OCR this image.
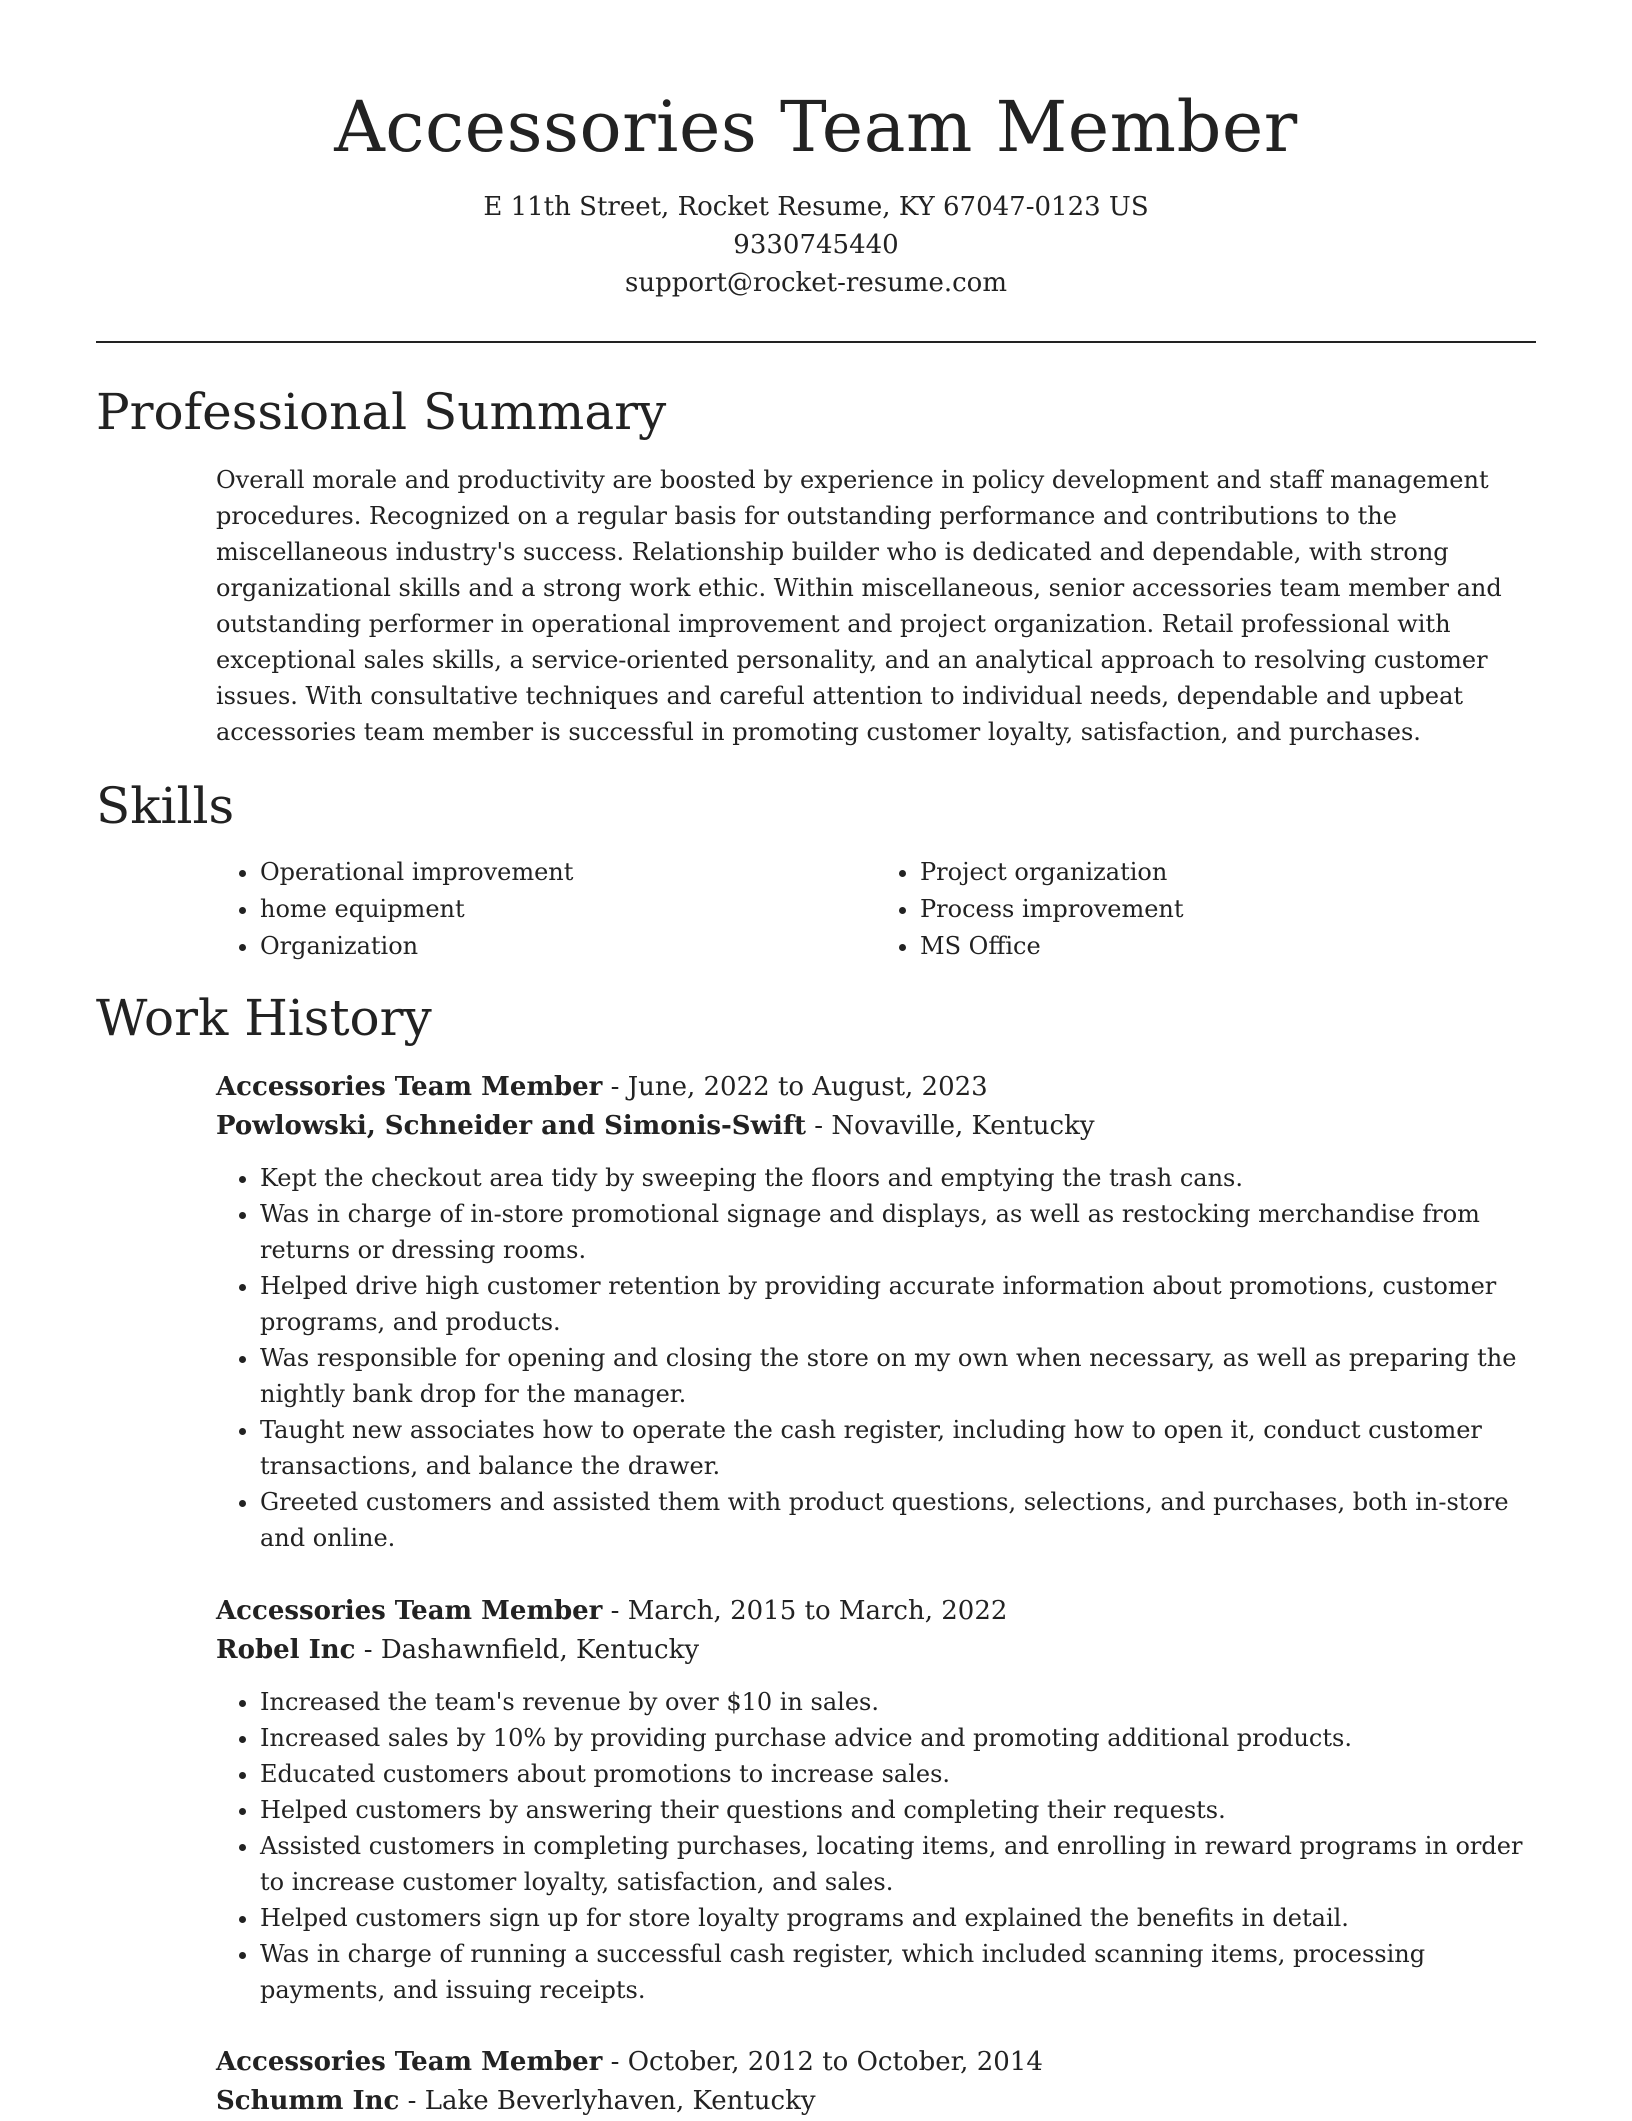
Accessories Team Member
E 11th Street, Rocket Resume, KY 67047-0123 US
9330745440
support@rocket-resume.com
Professional Summary

Overall morale and productivity are boosted by experience in policy development and staff management procedures. Recognized on a regular basis for outstanding performance and contributions to the miscellaneous industry's success. Relationship builder who is dedicated and dependable, with strong organizational skills and a strong work ethic. Within miscellaneous, senior accessories team member and outstanding performer in operational improvement and project organization. Retail professional with exceptional sales skills, a service-oriented personality, and an analytical approach to resolving customer issues. With consultative techniques and careful attention to individual needs, dependable and upbeat accessories team member is successful in promoting customer loyalty, satisfaction, and purchases.

Skills
• Operational improvement
• home equipment
• Organization
• Project organization
• Process improvement
• MS Office
Work History
Accessories Team Member - June, 2022 to August, 2023
Powlowski, Schneider and Simonis-Swift - Novaville, Kentucky
• Kept the checkout area tidy by sweeping the floors and emptying the trash cans.
• Was in charge of in-store promotional signage and displays, as well as restocking merchandise from returns or dressing rooms.
• Helped drive high customer retention by providing accurate information about promotions, customer programs, and products.
• Was responsible for opening and closing the store on my own when necessary, as well as preparing the nightly bank drop for the manager.
• Taught new associates how to operate the cash register, including how to open it, conduct customer transactions, and balance the drawer.
• Greeted customers and assisted them with product questions, selections, and purchases, both in-store and online.
Accessories Team Member - March, 2015 to March, 2022
Robel Inc - Dashawnfield, Kentucky
• Increased the team's revenue by over $10 in sales.
• Increased sales by 10% by providing purchase advice and promoting additional products.
• Educated customers about promotions to increase sales.
• Helped customers by answering their questions and completing their requests.
• Assisted customers in completing purchases, locating items, and enrolling in reward programs in order to increase customer loyalty, satisfaction, and sales.
• Helped customers sign up for store loyalty programs and explained the benefits in detail.
• Was in charge of running a successful cash register, which included scanning items, processing payments, and issuing receipts.
Accessories Team Member - October, 2012 to October, 2014
Schumm Inc - Lake Beverlyhaven, Kentucky
